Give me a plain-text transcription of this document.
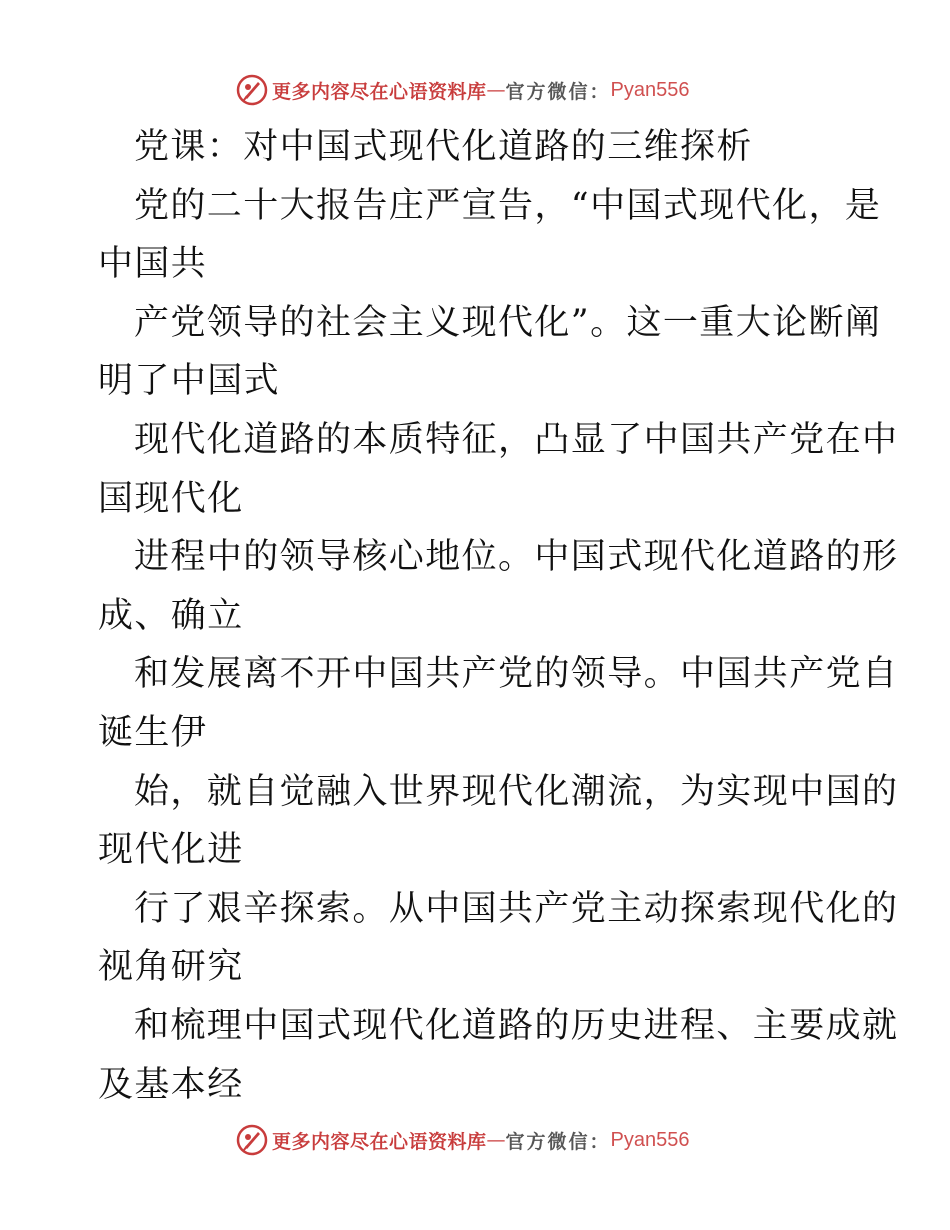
更多内容尽在心语资料库 — 官方微信： Pyan556
党课：对中国式现代化道路的三维探析
党的二十大报告庄严宣告，“中国式现代化，是
中国共
产党领导的社会主义现代化”。这一重大论断阐
明了中国式
现代化道路的本质特征，凸显了中国共产党在中
国现代化
进程中的领导核心地位。中国式现代化道路的形
成、确立
和发展离不开中国共产党的领导。中国共产党自
诞生伊
始，就自觉融入世界现代化潮流，为实现中国的
现代化进
行了艰辛探索。从中国共产党主动探索现代化的
视角研究
和梳理中国式现代化道路的历史进程、主要成就
及基本经
更多内容尽在心语资料库 — 官方微信： Pyan556
